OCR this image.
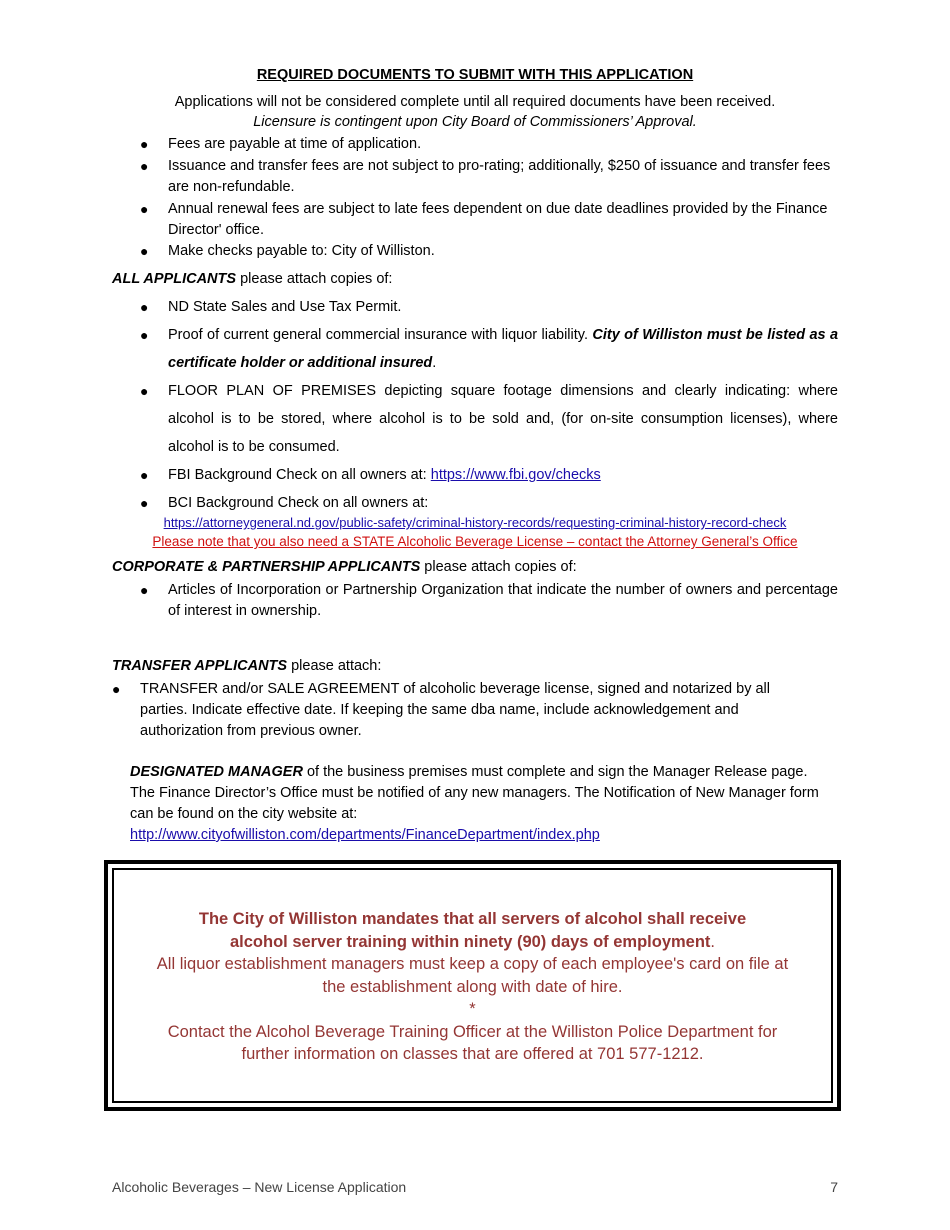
REQUIRED DOCUMENTS TO SUBMIT WITH THIS APPLICATION
Applications will not be considered complete until all required documents have been received.
Licensure is contingent upon City Board of Commissioners’ Approval.
● Fees are payable at time of application.
● Issuance and transfer fees are not subject to pro-rating; additionally, $250 of issuance and transfer fees are non-refundable.
● Annual renewal fees are subject to late fees dependent on due date deadlines provided by the Finance Director' office.
● Make checks payable to: City of Williston.
ALL APPLICANTS please attach copies of:
● ND State Sales and Use Tax Permit.
● Proof of current general commercial insurance with liquor liability. City of Williston must be listed as a certificate holder or additional insured.
● FLOOR PLAN OF PREMISES depicting square footage dimensions and clearly indicating: where alcohol is to be stored, where alcohol is to be sold and, (for on-site consumption licenses), where alcohol is to be consumed.
● FBI Background Check on all owners at: https://www.fbi.gov/checks
● BCI Background Check on all owners at:
https://attorneygeneral.nd.gov/public-safety/criminal-history-records/requesting-criminal-history-record-check
Please note that you also need a STATE Alcoholic Beverage License – contact the Attorney General’s Office
CORPORATE & PARTNERSHIP APPLICANTS please attach copies of:
● Articles of Incorporation or Partnership Organization that indicate the number of owners and percentage of interest in ownership.
TRANSFER APPLICANTS please attach:
● TRANSFER and/or SALE AGREEMENT of alcoholic beverage license, signed and notarized by all parties. Indicate effective date. If keeping the same dba name, include acknowledgement and authorization from previous owner.
DESIGNATED MANAGER of the business premises must complete and sign the Manager Release page. The Finance Director’s Office must be notified of any new managers. The Notification of New Manager form can be found on the city website at:
http://www.cityofwilliston.com/departments/FinanceDepartment/index.php
The City of Williston mandates that all servers of alcohol shall receive
alcohol server training within ninety (90) days of employment.
All liquor establishment managers must keep a copy of each employee's card on file at
the establishment along with date of hire.
*
Contact the Alcohol Beverage Training Officer at the Williston Police Department for
further information on classes that are offered at 701 577-1212.
Alcoholic Beverages – New License Application	7
